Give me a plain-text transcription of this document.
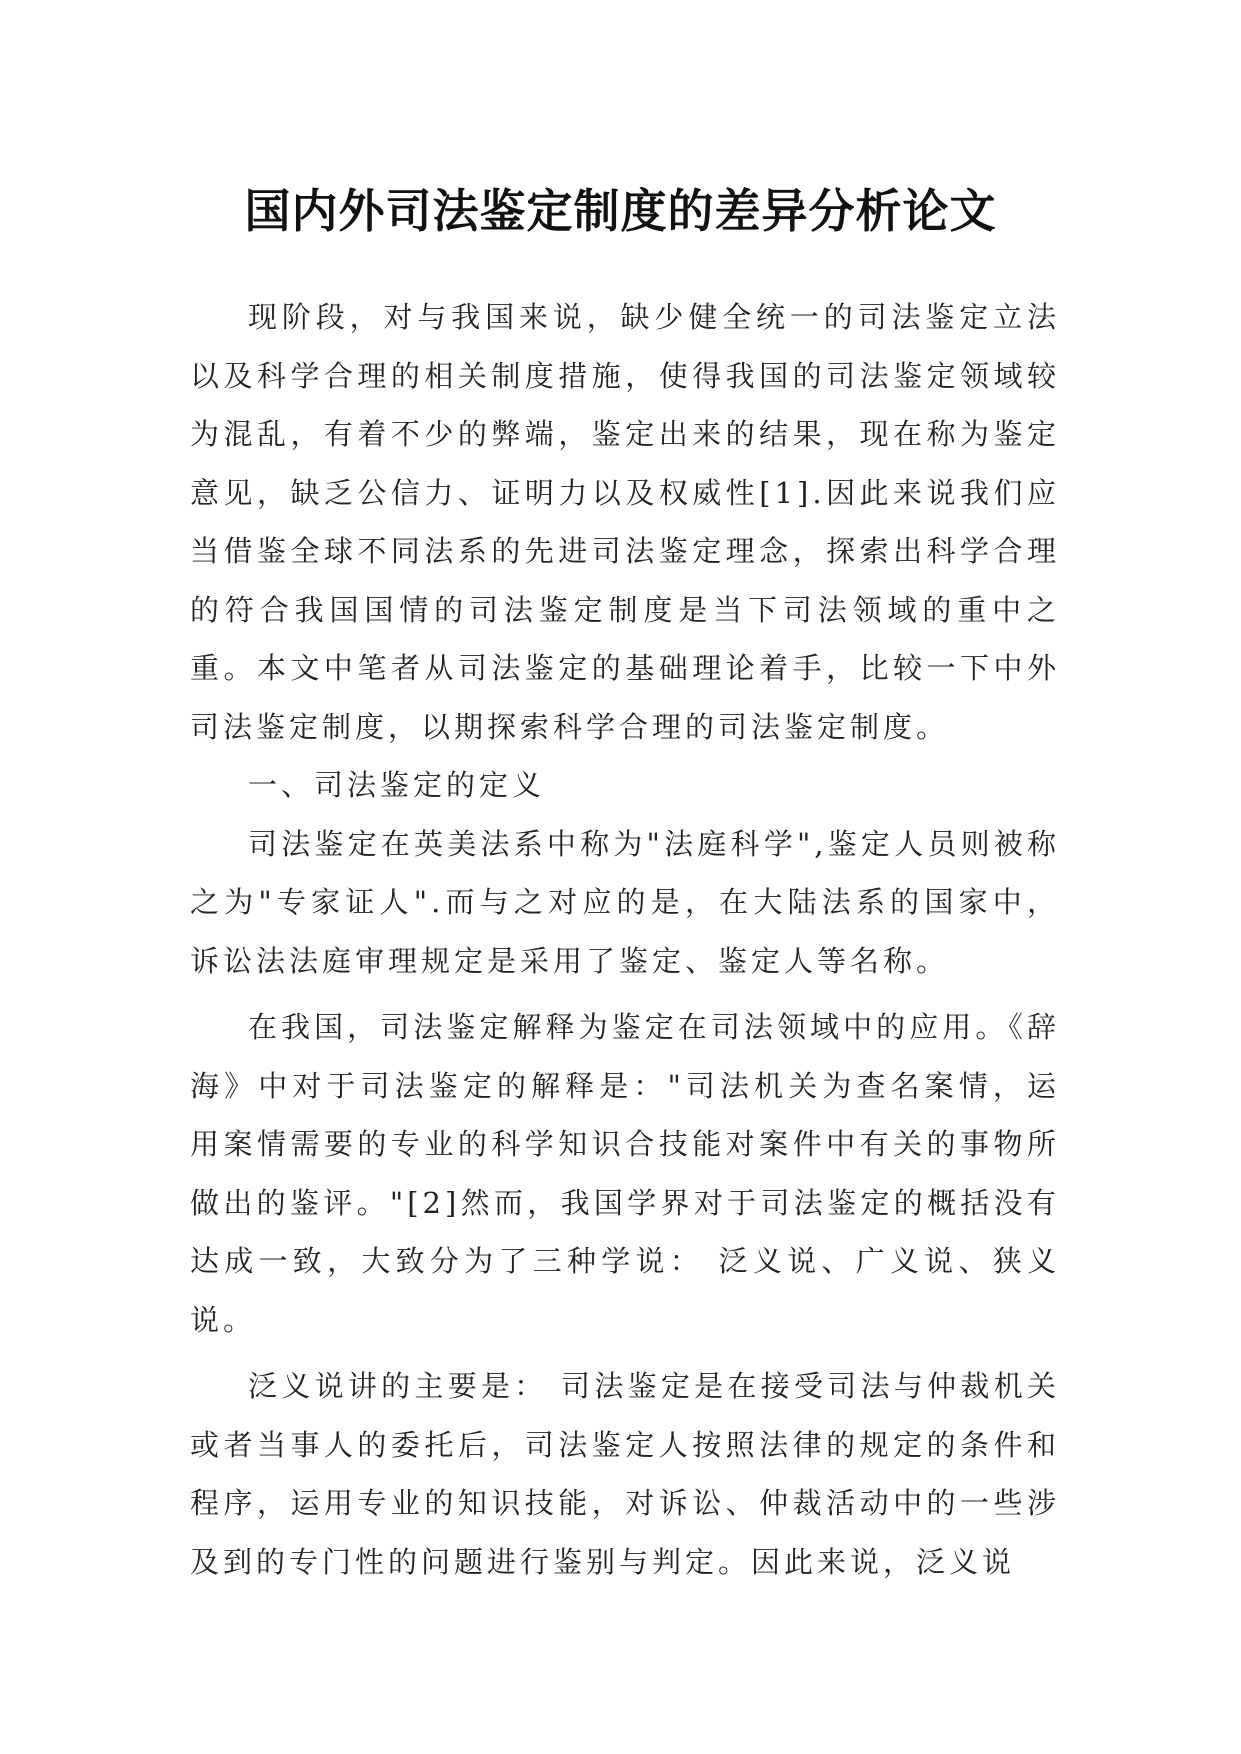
国内外司法鉴定制度的差异分析论文

现阶段，对与我国来说，缺少健全统一的司法鉴定立法以及科学合理的相关制度措施，使得我国的司法鉴定领域较为混乱，有着不少的弊端，鉴定出来的结果，现在称为鉴定意见，缺乏公信力、证明力以及权威性[1].因此来说我们应当借鉴全球不同法系的先进司法鉴定理念，探索出科学合理的符合我国国情的司法鉴定制度是当下司法领域的重中之重。本文中笔者从司法鉴定的基础理论着手，比较一下中外司法鉴定制度，以期探索科学合理的司法鉴定制度。

一、司法鉴定的定义

司法鉴定在英美法系中称为"法庭科学",鉴定人员则被称之为"专家证人".而与之对应的是，在大陆法系的国家中，诉讼法法庭审理规定是采用了鉴定、鉴定人等名称。

在我国，司法鉴定解释为鉴定在司法领域中的应用。《辞海》中对于司法鉴定的解释是："司法机关为查名案情，运用案情需要的专业的科学知识合技能对案件中有关的事物所做出的鉴评。"[2]然而，我国学界对于司法鉴定的概括没有达成一致，大致分为了三种学说： 泛义说、广义说、狭义说。

泛义说讲的主要是： 司法鉴定是在接受司法与仲裁机关或者当事人的委托后，司法鉴定人按照法律的规定的条件和程序，运用专业的知识技能，对诉讼、仲裁活动中的一些涉及到的专门性的问题进行鉴别与判定。因此来说，泛义说
